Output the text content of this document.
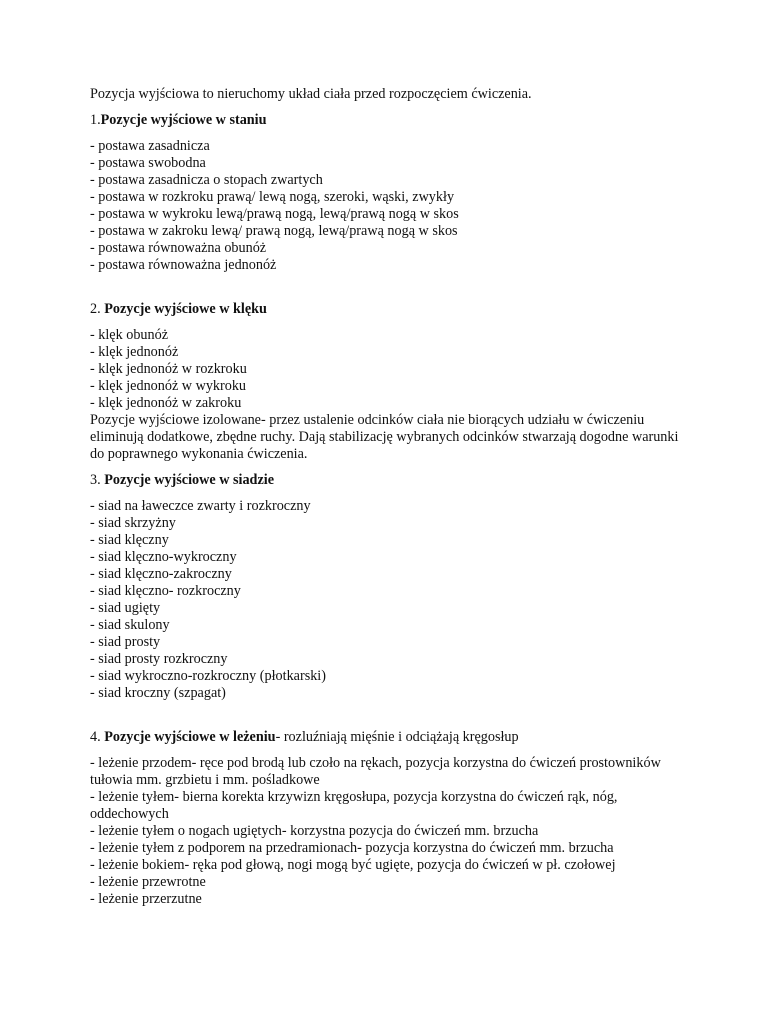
Pozycja wyjściowa to nieruchomy układ ciała przed rozpoczęciem ćwiczenia.

1.Pozycje wyjściowe w staniu

- postawa zasadnicza
- postawa swobodna
- postawa zasadnicza o stopach zwartych
- postawa w rozkroku prawą/ lewą nogą, szeroki, wąski, zwykły
- postawa w wykroku lewą/prawą nogą, lewą/prawą nogą w skos
- postawa w zakroku lewą/ prawą nogą, lewą/prawą nogą w skos
- postawa równoważna obunóż
- postawa równoważna jednonóż

2. Pozycje wyjściowe w klęku

- klęk obunóż
- klęk jednonóż
- klęk jednonóż w rozkroku
- klęk jednonóż w wykroku
- klęk jednonóż w zakroku

Pozycje wyjściowe izolowane- przez ustalenie odcinków ciała nie biorących udziału w ćwiczeniu eliminują dodatkowe, zbędne ruchy. Dają stabilizację wybranych odcinków stwarzają dogodne warunki do poprawnego wykonania ćwiczenia.

3. Pozycje wyjściowe w siadzie

- siad na ławeczce zwarty i rozkroczny
- siad skrzyżny
- siad klęczny
- siad klęczno-wykroczny
- siad klęczno-zakroczny
- siad klęczno- rozkroczny
- siad ugięty
- siad skulony
- siad prosty
- siad prosty rozkroczny
- siad wykroczno-rozkroczny (płotkarski)
- siad kroczny (szpagat)

4. Pozycje wyjściowe w leżeniu- rozluźniają mięśnie i odciążają kręgosłup

- leżenie przodem- ręce pod brodą lub czoło na rękach, pozycja korzystna do ćwiczeń prostowników tułowia mm. grzbietu i mm. pośladkowe
- leżenie tyłem- bierna korekta krzywizn kręgosłupa, pozycja korzystna do ćwiczeń rąk, nóg, oddechowych
- leżenie tyłem o nogach ugiętych- korzystna pozycja do ćwiczeń mm. brzucha
- leżenie tyłem z podporem na przedramionach- pozycja korzystna do ćwiczeń mm. brzucha
- leżenie bokiem- ręka pod głową, nogi mogą być ugięte, pozycja do ćwiczeń w pł. czołowej
- leżenie przewrotne
- leżenie przerzutne
